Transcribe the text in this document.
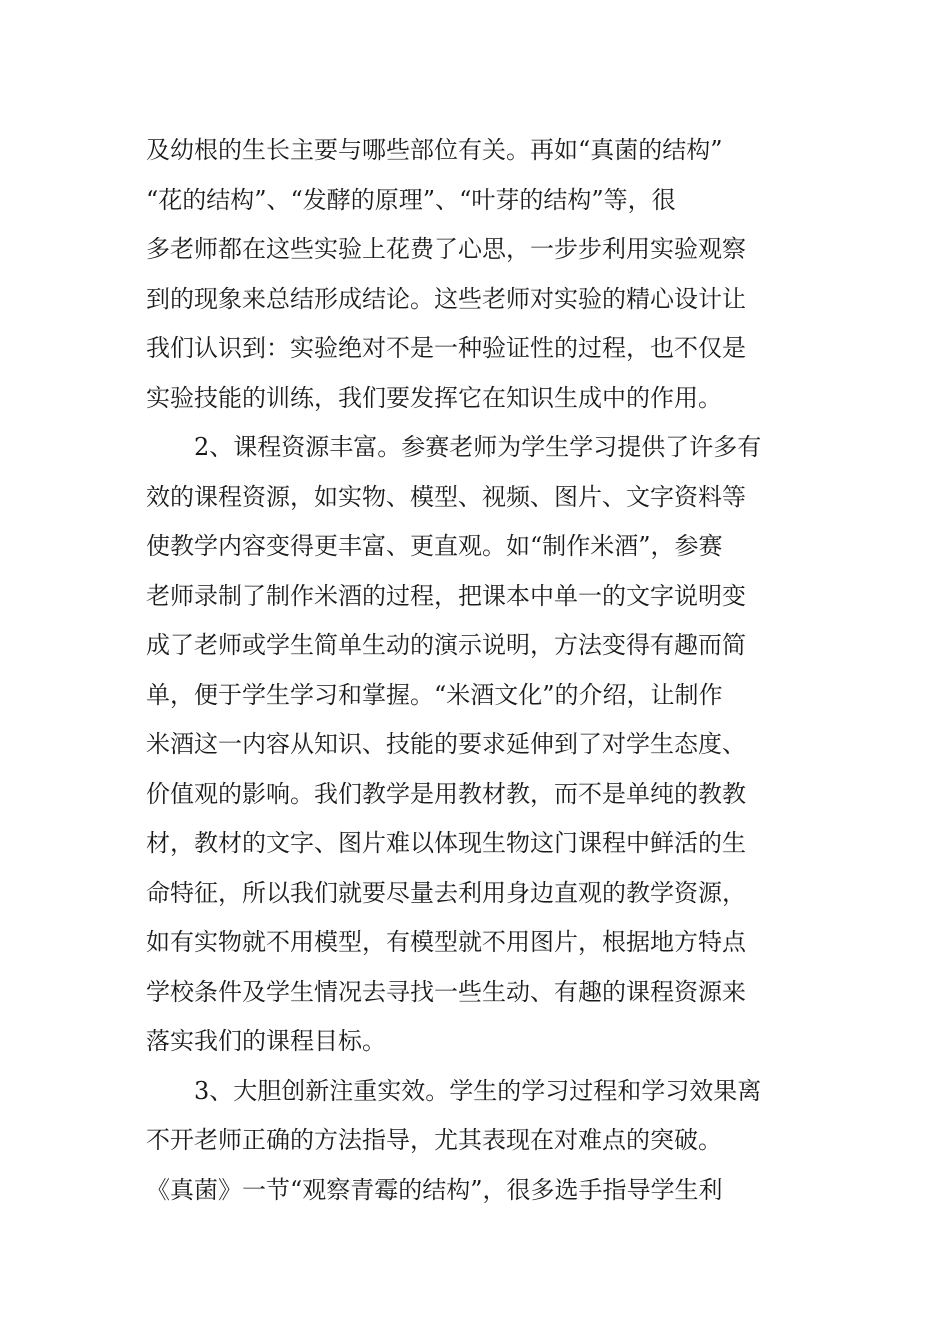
及幼根的生长主要与哪些部位有关。再如“真菌的结构”
“花的结构”、“发酵的原理”、“叶芽的结构”等，很
多老师都在这些实验上花费了心思，一步步利用实验观察
到的现象来总结形成结论。这些老师对实验的精心设计让
我们认识到：实验绝对不是一种验证性的过程，也不仅是
实验技能的训练，我们要发挥它在知识生成中的作用。
　　2、课程资源丰富。参赛老师为学生学习提供了许多有
效的课程资源，如实物、模型、视频、图片、文字资料等
使教学内容变得更丰富、更直观。如“制作米酒”，参赛
老师录制了制作米酒的过程，把课本中单一的文字说明变
成了老师或学生简单生动的演示说明，方法变得有趣而简
单，便于学生学习和掌握。“米酒文化”的介绍，让制作
米酒这一内容从知识、技能的要求延伸到了对学生态度、
价值观的影响。我们教学是用教材教，而不是单纯的教教
材，教材的文字、图片难以体现生物这门课程中鲜活的生
命特征，所以我们就要尽量去利用身边直观的教学资源，
如有实物就不用模型，有模型就不用图片，根据地方特点
学校条件及学生情况去寻找一些生动、有趣的课程资源来
落实我们的课程目标。
　　3、大胆创新注重实效。学生的学习过程和学习效果离
不开老师正确的方法指导，尤其表现在对难点的突破。
《真菌》一节“观察青霉的结构”，很多选手指导学生利
